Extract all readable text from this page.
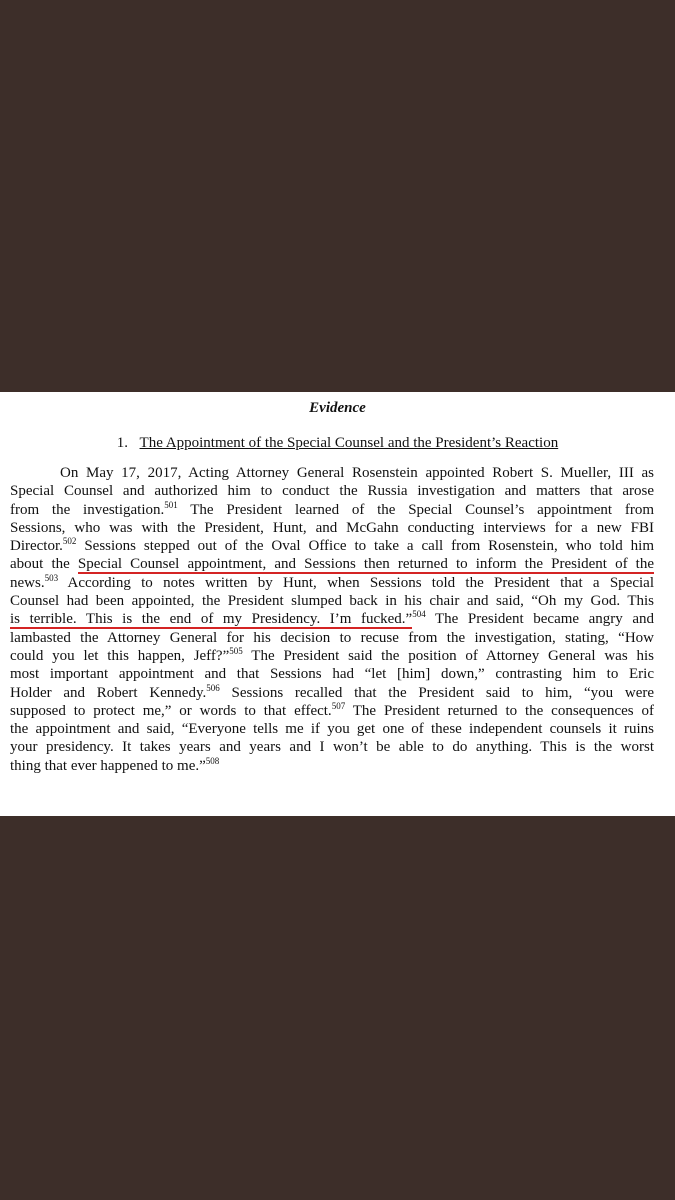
Evidence
1. The Appointment of the Special Counsel and the President’s Reaction
On May 17, 2017, Acting Attorney General Rosenstein appointed Robert S. Mueller, III as
Special Counsel and authorized him to conduct the Russia investigation and matters that arose
from the investigation.$^{501}$ The President learned of the Special Counsel’s appointment from
Sessions, who was with the President, Hunt, and McGahn conducting interviews for a new FBI
Director.$^{502}$ Sessions stepped out of the Oval Office to take a call from Rosenstein, who told him
about the Special Counsel appointment, and Sessions then returned to inform the President of the
news.$^{503}$ According to notes written by Hunt, when Sessions told the President that a Special
Counsel had been appointed, the President slumped back in his chair and said, “Oh my God. This
is terrible. This is the end of my Presidency. I’m fucked.”$^{504}$ The President became angry and
lambasted the Attorney General for his decision to recuse from the investigation, stating, “How
could you let this happen, Jeff?”$^{505}$ The President said the position of Attorney General was his
most important appointment and that Sessions had “let [him] down,” contrasting him to Eric
Holder and Robert Kennedy.$^{506}$ Sessions recalled that the President said to him, “you were
supposed to protect me,” or words to that effect.$^{507}$ The President returned to the consequences of
the appointment and said, “Everyone tells me if you get one of these independent counsels it ruins
your presidency. It takes years and years and I won’t be able to do anything. This is the worst
thing that ever happened to me.”$^{508}$
